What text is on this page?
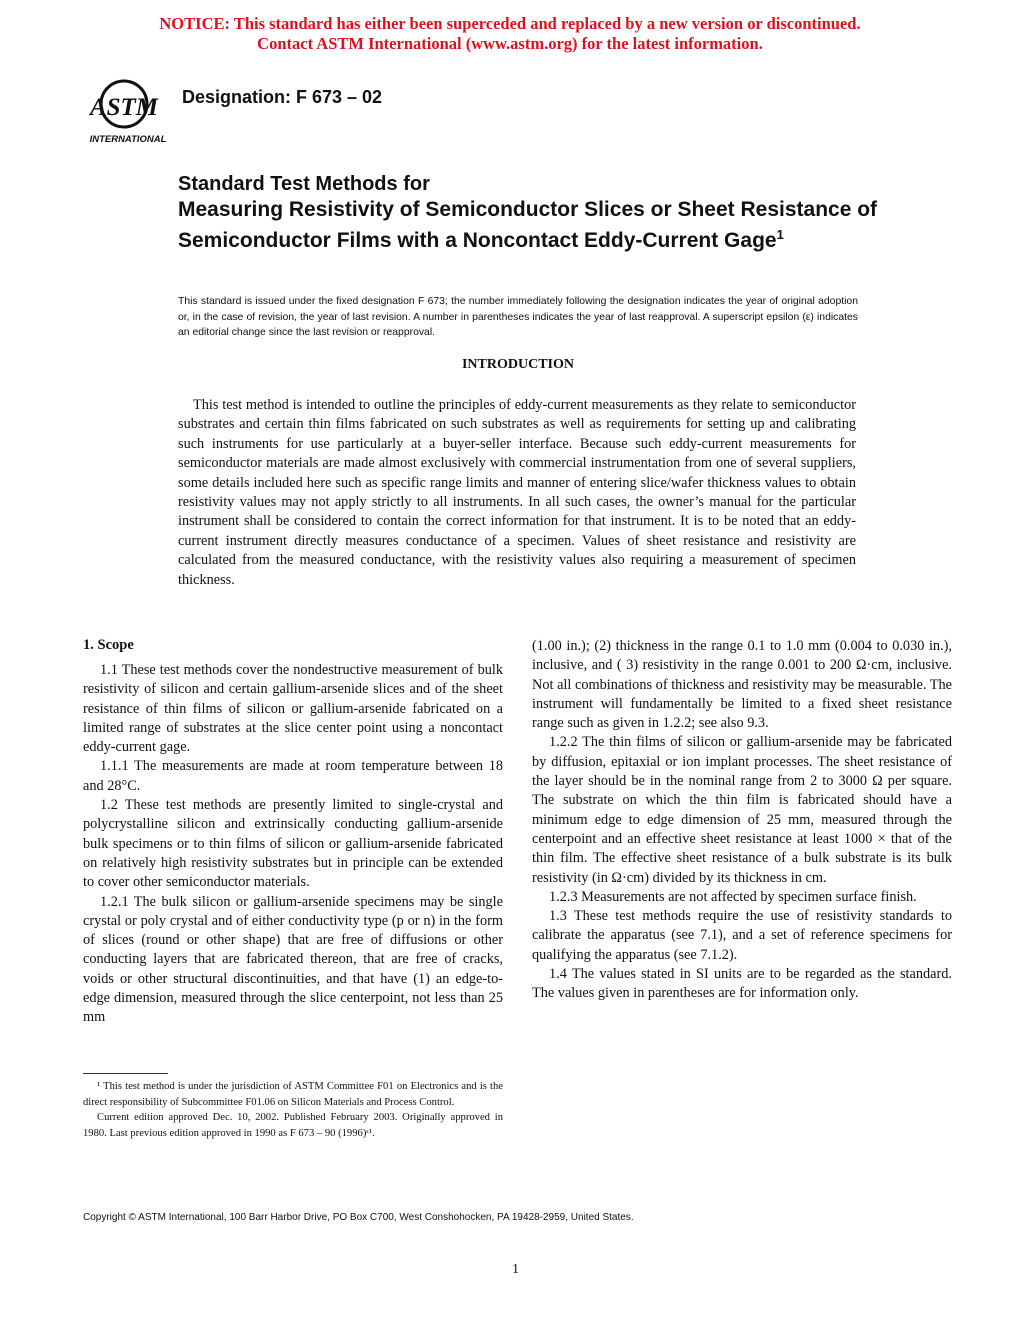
NOTICE: This standard has either been superceded and replaced by a new version or discontinued.
Contact ASTM International (www.astm.org) for the latest information.
ASTM
INTERNATIONAL
Designation: F 673 – 02
Standard Test Methods for
Measuring Resistivity of Semiconductor Slices or Sheet Resistance of Semiconductor Films with a Noncontact Eddy-Current Gage$^1$
This standard is issued under the fixed designation F 673; the number immediately following the designation indicates the year of original adoption or, in the case of revision, the year of last revision. A number in parentheses indicates the year of last reapproval. A superscript epsilon (ε) indicates an editorial change since the last revision or reapproval.
INTRODUCTION

This test method is intended to outline the principles of eddy-current measurements as they relate to semiconductor substrates and certain thin films fabricated on such substrates as well as requirements for setting up and calibrating such instruments for use particularly at a buyer-seller interface. Because such eddy-current measurements for semiconductor materials are made almost exclusively with commercial instrumentation from one of several suppliers, some details included here such as specific range limits and manner of entering slice/wafer thickness values to obtain resistivity values may not apply strictly to all instruments. In all such cases, the owner’s manual for the particular instrument shall be considered to contain the correct information for that instrument. It is to be noted that an eddy-current instrument directly measures conductance of a specimen. Values of sheet resistance and resistivity are calculated from the measured conductance, with the resistivity values also requiring a measurement of specimen thickness.

1. Scope

1.1 These test methods cover the nondestructive measurement of bulk resistivity of silicon and certain gallium-arsenide slices and of the sheet resistance of thin films of silicon or gallium-arsenide fabricated on a limited range of substrates at the slice center point using a noncontact eddy-current gage.

1.1.1 The measurements are made at room temperature between 18 and 28°C.

1.2 These test methods are presently limited to single-crystal and polycrystalline silicon and extrinsically conducting gallium-arsenide bulk specimens or to thin films of silicon or gallium-arsenide fabricated on relatively high resistivity substrates but in principle can be extended to cover other semiconductor materials.

1.2.1 The bulk silicon or gallium-arsenide specimens may be single crystal or poly crystal and of either conductivity type (p or n) in the form of slices (round or other shape) that are free of diffusions or other conducting layers that are fabricated thereon, that are free of cracks, voids or other structural discontinuities, and that have (1) an edge-to-edge dimension, measured through the slice centerpoint, not less than 25 mm

(1.00 in.); (2) thickness in the range 0.1 to 1.0 mm (0.004 to 0.030 in.), inclusive, and ( 3) resistivity in the range 0.001 to 200 Ω·cm, inclusive. Not all combinations of thickness and resistivity may be measurable. The instrument will fundamentally be limited to a fixed sheet resistance range such as given in 1.2.2; see also 9.3.

1.2.2 The thin films of silicon or gallium-arsenide may be fabricated by diffusion, epitaxial or ion implant processes. The sheet resistance of the layer should be in the nominal range from 2 to 3000 Ω per square. The substrate on which the thin film is fabricated should have a minimum edge to edge dimension of 25 mm, measured through the centerpoint and an effective sheet resistance at least 1000 × that of the thin film. The effective sheet resistance of a bulk substrate is its bulk resistivity (in Ω·cm) divided by its thickness in cm.

1.2.3 Measurements are not affected by specimen surface finish.

1.3 These test methods require the use of resistivity standards to calibrate the apparatus (see 7.1), and a set of reference specimens for qualifying the apparatus (see 7.1.2).

1.4 The values stated in SI units are to be regarded as the standard. The values given in parentheses are for information only.

¹ This test method is under the jurisdiction of ASTM Committee F01 on Electronics and is the direct responsibility of Subcommittee F01.06 on Silicon Materials and Process Control.

Current edition approved Dec. 10, 2002. Published February 2003. Originally approved in 1980. Last previous edition approved in 1990 as F 673 – 90 (1996)ᵋ¹.

Copyright © ASTM International, 100 Barr Harbor Drive, PO Box C700, West Conshohocken, PA 19428-2959, United States.
1
